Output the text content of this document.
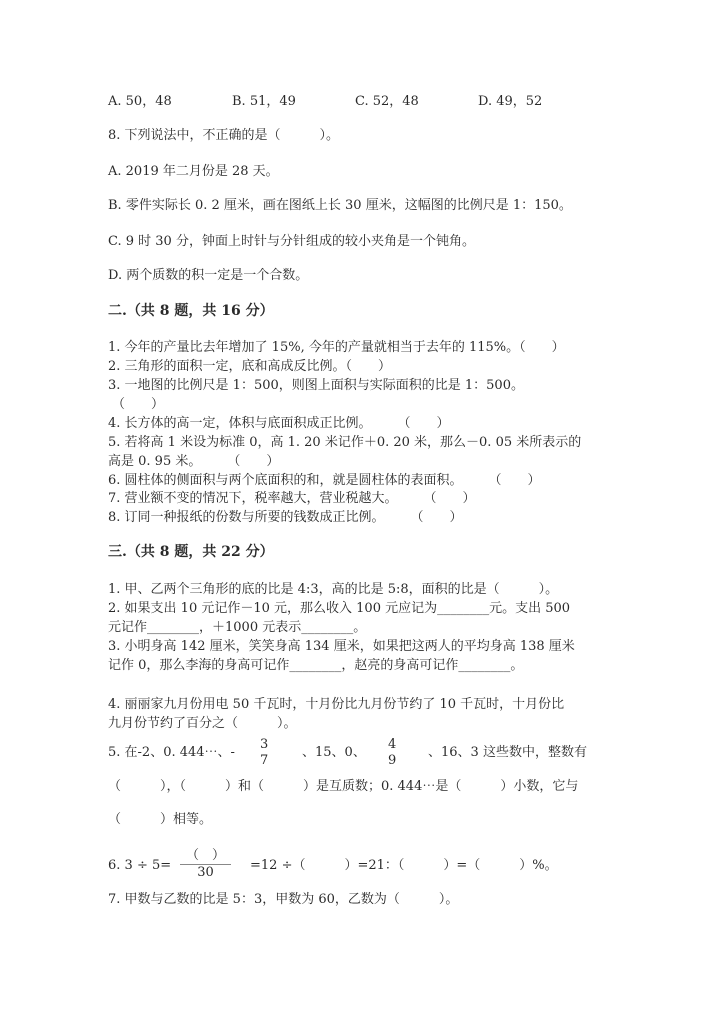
A. 50，48	B. 51，49	C. 52，48	D. 49，52
8. 下列说法中，不正确的是（　　　）。
A. 2019 年二月份是 28 天。
B. 零件实际长 0. 2 厘米，画在图纸上长 30 厘米，这幅图的比例尺是 1：150。
C. 9 时 30 分，钟面上时针与分针组成的较小夹角是一个钝角。
D. 两个质数的积一定是一个合数。
二.（共 8 题，共 16 分）
1. 今年的产量比去年增加了 15%, 今年的产量就相当于去年的 115%。（　　）
2. 三角形的面积一定，底和高成反比例。（　　）
3. 一地图的比例尺是 1：500，则图上面积与实际面积的比是 1：500。
（　　）
4. 长方体的高一定，体积与底面积成正比例。　　　（　　）
5. 若将高 1 米设为标准 0，高 1. 20 米记作＋0. 20 米，那么－0. 05 米所表示的
高是 0. 95 米。　　　（　　）
6. 圆柱体的侧面积与两个底面积的和，就是圆柱体的表面积。　　　（　　）
7. 营业额不变的情况下，税率越大，营业税越大。　　　（　　）
8. 订同一种报纸的份数与所要的钱数成正比例。　　　（　　）
三.（共 8 题，共 22 分）
1. 甲、乙两个三角形的底的比是 4:3，高的比是 5:8，面积的比是（　　　）。
2. 如果支出 10 元记作－10 元，那么收入 100 元应记为________元。支出 500
元记作________，＋1000 元表示________。
3. 小明身高 142 厘米，笑笑身高 134 厘米，如果把这两人的平均身高 138 厘米
记作 0，那么李海的身高可记作________，赵亮的身高可记作________。
4. 丽丽家九月份用电 50 千瓦时，十月份比九月份节约了 10 千瓦时，十月份比
九月份节约了百分之（　　　）。
5. 在-2、0. 444⋯、-
3
7
、15、0、
4
9
、16、3 这些数中，整数有
（　　　），（　　　）和（　　　）是互质数；0. 444⋯是（　　　）小数，它与
（　　　）相等。
6. 3 ÷ 5=
（　）
30	=12 ÷（　　　）=21：（　　　）=（　　　）%。
7. 甲数与乙数的比是 5：3，甲数为 60，乙数为（　　　）。
